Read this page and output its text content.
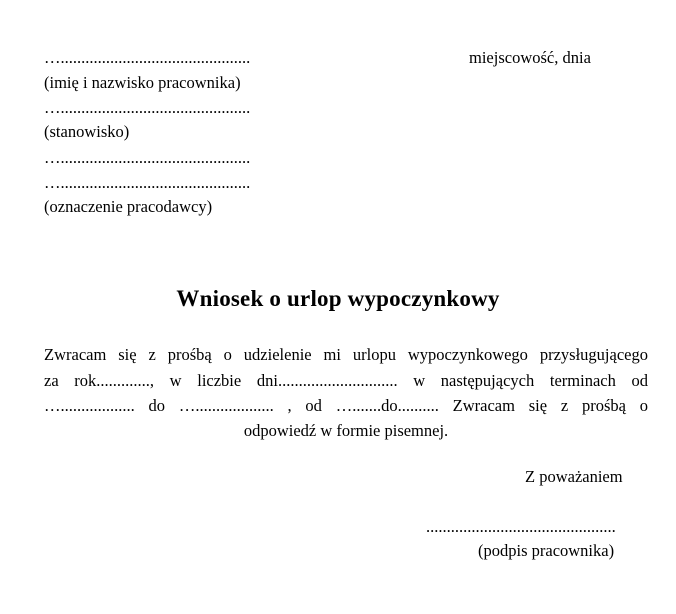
…..............................................
(imię i nazwisko pracownika)
…..............................................
(stanowisko)
…..............................................
…..............................................
(oznaczenie pracodawcy)
miejscowość, dnia
Wniosek o urlop wypoczynkowy
Zwracam się z prośbą o udzielenie mi urlopu wypoczynkowego przysługującego
za rok............., w liczbie dni............................. w następujących terminach od
….................. do …................... , od ….......do.......... Zwracam się z prośbą o
odpowiedź w formie pisemnej.
Z poważaniem
..............................................
(podpis pracownika)
